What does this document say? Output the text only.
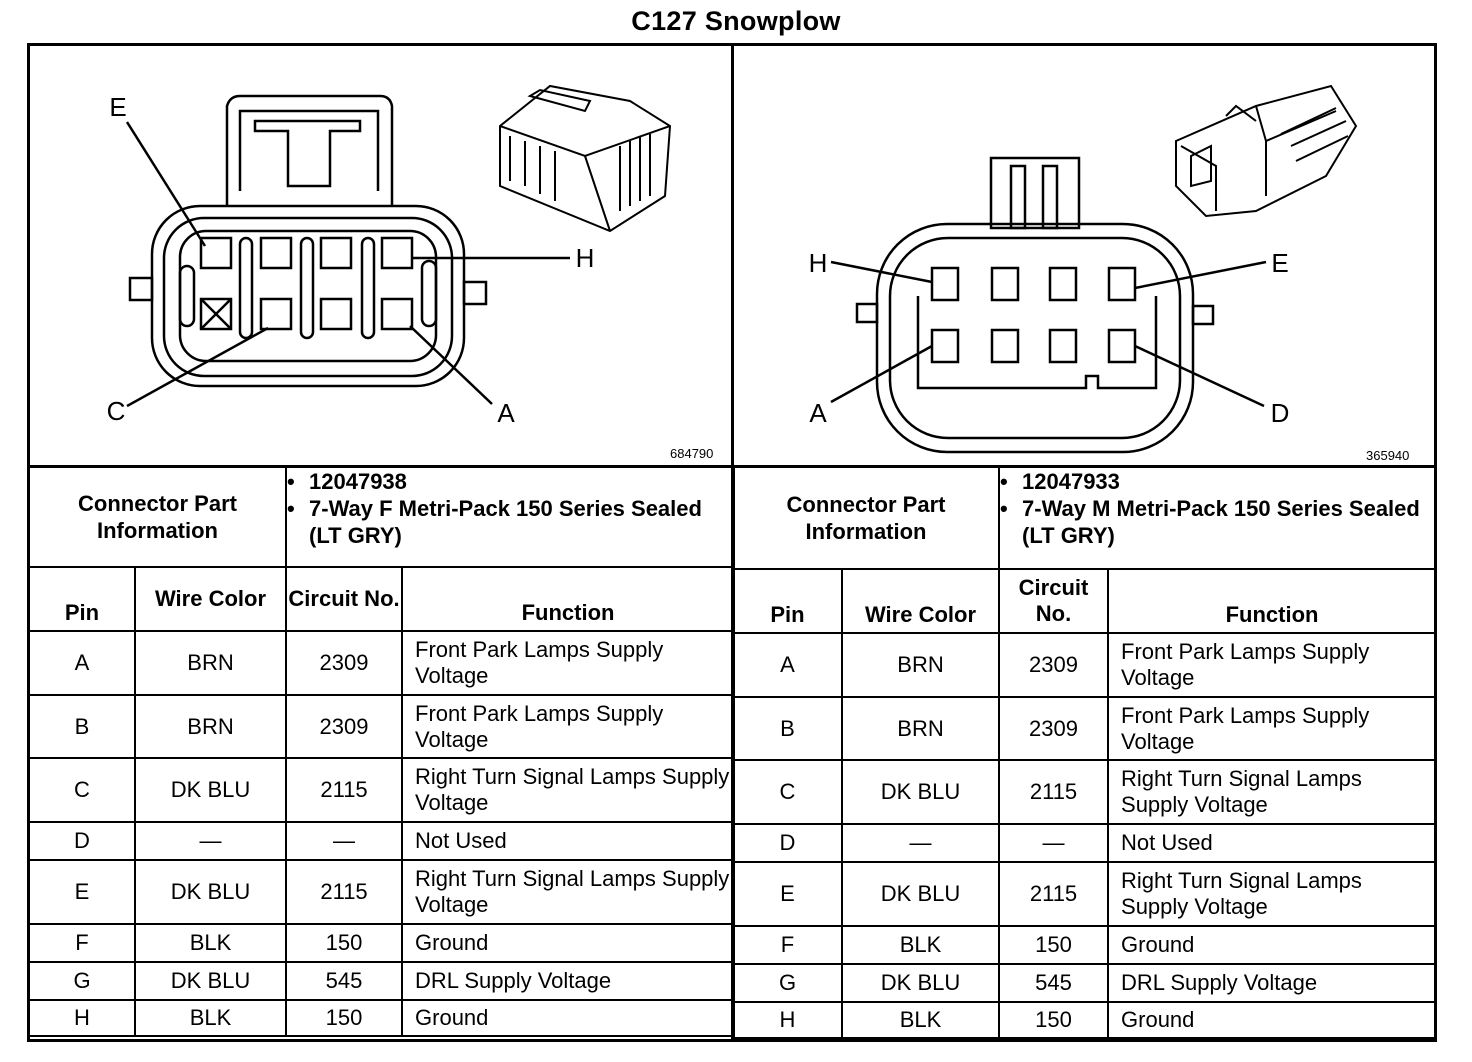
C127 Snowplow
E
H
C	A
684790
H	E
A	D
365940
Connector Part Information		• 12047938
• 7-Way F Metri-Pack 150 Series Sealed (LT GRY)	

Pin	Wire Color	Circuit No.	Function
A	BRN	2309	Front Park Lamps Supply Voltage
B	BRN	2309	Front Park Lamps Supply Voltage
C	DK BLU	2115	Right Turn Signal Lamps Supply Voltage
D	—	—	Not Used
E	DK BLU	2115	Right Turn Signal Lamps Supply Voltage
F	BLK	150	Ground
G	DK BLU	545	DRL Supply Voltage
H	BLK	150	Ground
Connector Part Information		• 12047933
• 7-Way M Metri-Pack 150 Series Sealed (LT GRY)	

Pin	Wire Color	Circuit No.	Function
A	BRN	2309	Front Park Lamps Supply Voltage
B	BRN	2309	Front Park Lamps Supply Voltage
C	DK BLU	2115	Right Turn Signal Lamps Supply Voltage
D	—	—	Not Used
E	DK BLU	2115	Right Turn Signal Lamps Supply Voltage
F	BLK	150	Ground
G	DK BLU	545	DRL Supply Voltage
H	BLK	150	Ground
